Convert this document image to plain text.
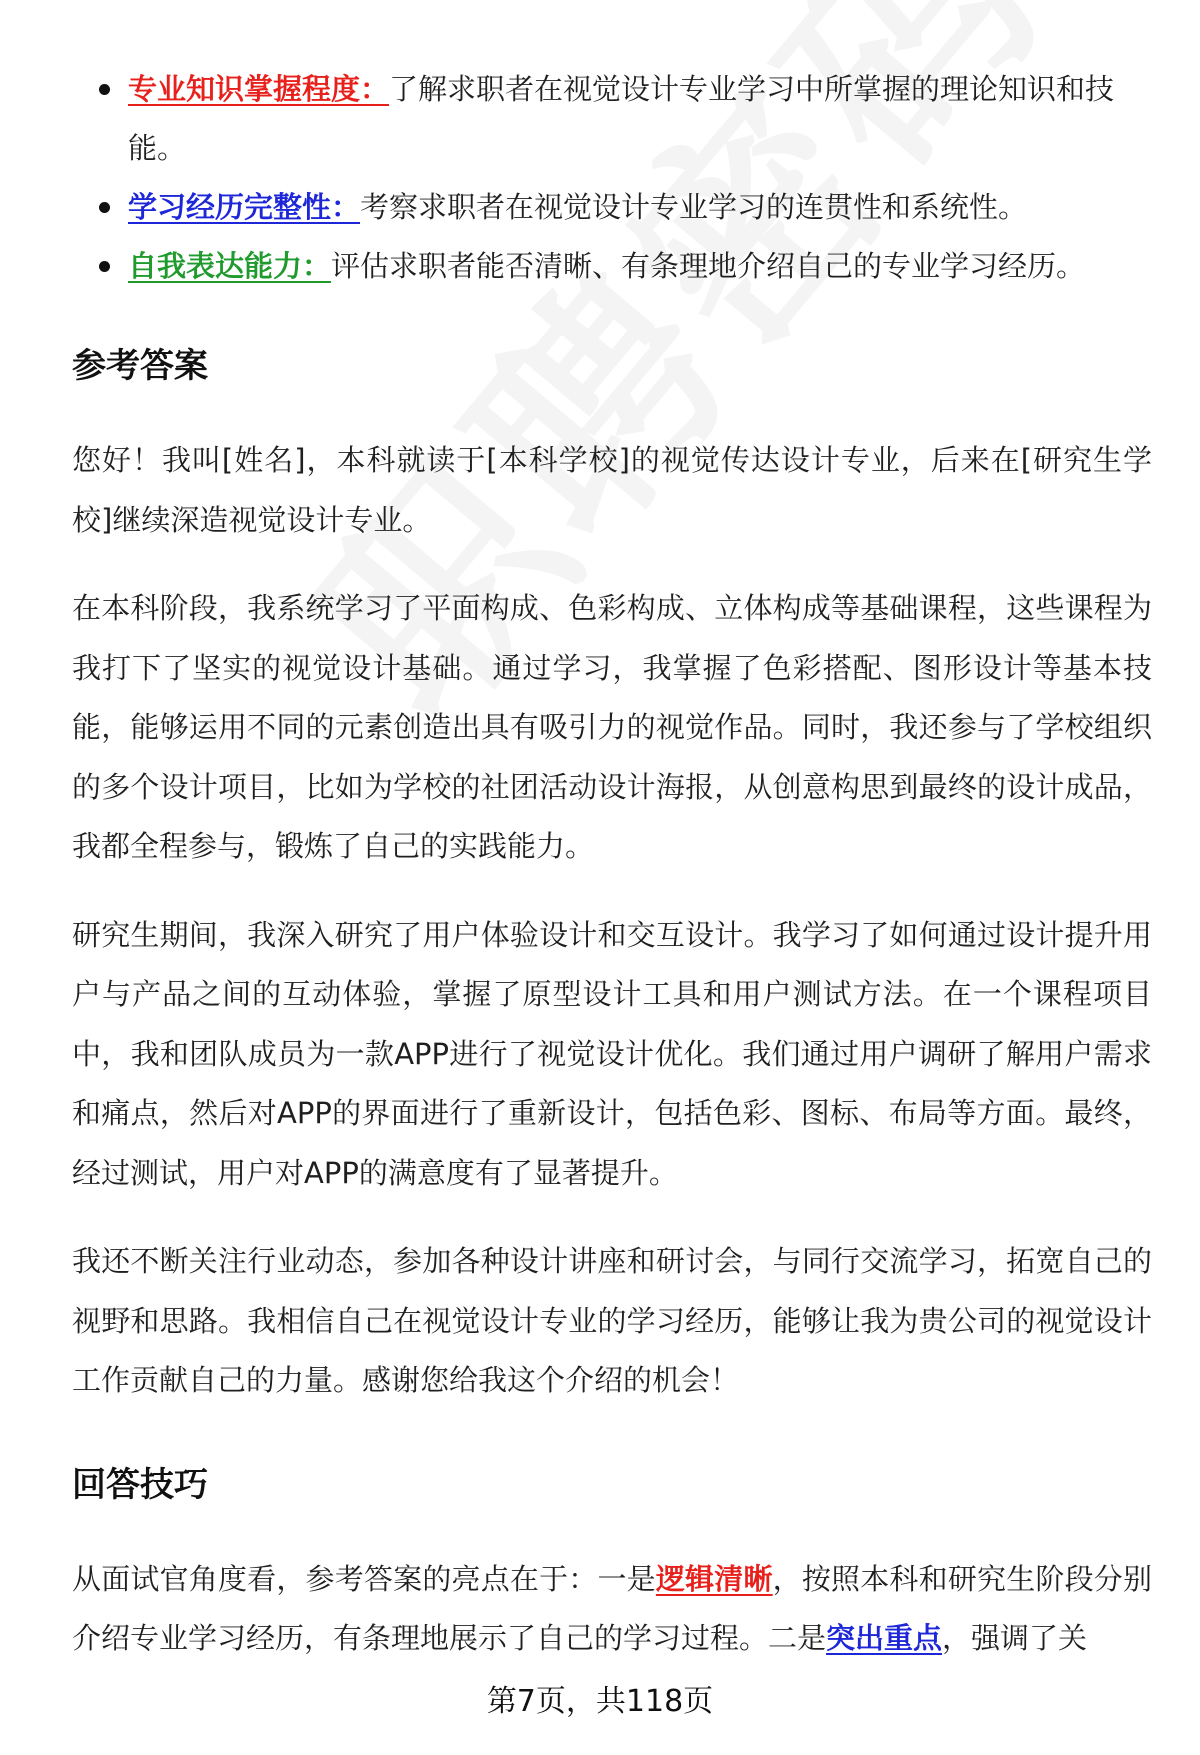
专业知识掌握程度：了解求职者在视觉设计专业学习中所掌握的理论知识和技能。
学习经历完整性：考察求职者在视觉设计专业学习的连贯性和系统性。
自我表达能力：评估求职者能否清晰、有条理地介绍自己的专业学习经历。
参考答案

您好！我叫[姓名]，本科就读于[本科学校]的视觉传达设计专业，后来在[研究生学校]继续深造视觉设计专业。

在本科阶段，我系统学习了平面构成、色彩构成、立体构成等基础课程，这些课程为我打下了坚实的视觉设计基础。通过学习，我掌握了色彩搭配、图形设计等基本技能，能够运用不同的元素创造出具有吸引力的视觉作品。同时，我还参与了学校组织的多个设计项目，比如为学校的社团活动设计海报，从创意构思到最终的设计成品，我都全程参与，锻炼了自己的实践能力。

研究生期间，我深入研究了用户体验设计和交互设计。我学习了如何通过设计提升用户与产品之间的互动体验，掌握了原型设计工具和用户测试方法。在一个课程项目中，我和团队成员为一款APP进行了视觉设计优化。我们通过用户调研了解用户需求和痛点，然后对APP的界面进行了重新设计，包括色彩、图标、布局等方面。最终，经过测试，用户对APP的满意度有了显著提升。

我还不断关注行业动态，参加各种设计讲座和研讨会，与同行交流学习，拓宽自己的视野和思路。我相信自己在视觉设计专业的学习经历，能够让我为贵公司的视觉设计工作贡献自己的力量。感谢您给我这个介绍的机会！

回答技巧

从面试官角度看，参考答案的亮点在于：一是逻辑清晰，按照本科和研究生阶段分别介绍专业学习经历，有条理地展示了自己的学习过程。二是突出重点，强调了关

第7页，共118页
